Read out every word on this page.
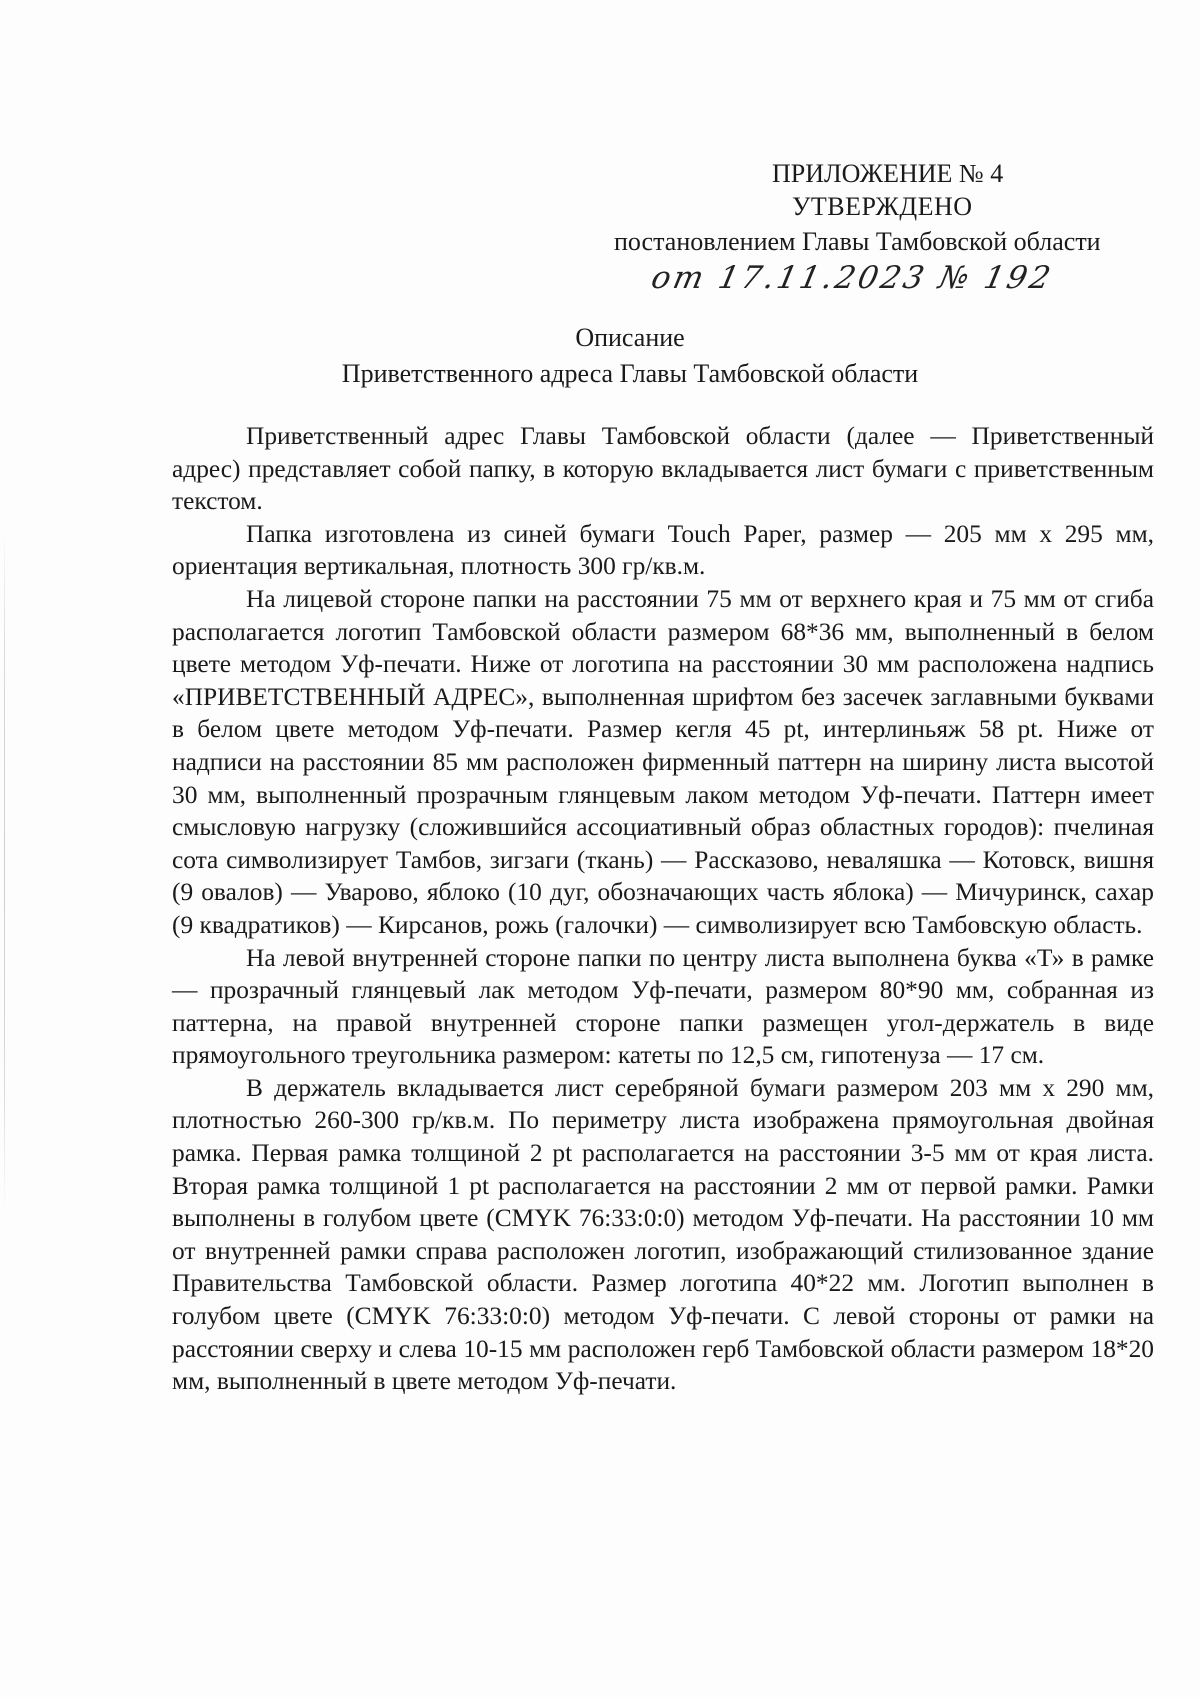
ПРИЛОЖЕНИЕ № 4
УТВЕРЖДЕНО
постановлением Главы Тамбовской области
от 17.11.2023 № 192
Описание
Приветственного адреса Главы Тамбовской области

Приветственный адрес Главы Тамбовской области (далее — Приветственный адрес) представляет собой папку, в которую вкладывается лист бумаги с приветственным текстом.

Папка изготовлена из синей бумаги Touch Paper, размер — 205 мм х 295 мм, ориентация вертикальная, плотность 300 гр/кв.м.

На лицевой стороне папки на расстоянии 75 мм от верхнего края и 75 мм от сгиба располагается логотип Тамбовской области размером 68*36 мм, выполненный в белом цвете методом Уф-печати. Ниже от логотипа на расстоянии 30 мм расположена надпись «ПРИВЕТСТВЕННЫЙ АДРЕС», выполненная шрифтом без засечек заглавными буквами в белом цвете методом Уф-печати. Размер кегля 45 pt, интерлиньяж 58 pt. Ниже от надписи на расстоянии 85 мм расположен фирменный паттерн на ширину листа высотой 30 мм, выполненный прозрачным глянцевым лаком методом Уф-печати. Паттерн имеет смысловую нагрузку (сложившийся ассоциативный образ областных городов): пчелиная сота символизирует Тамбов, зигзаги (ткань) — Рассказово, неваляшка — Котовск, вишня (9 овалов) — Уварово, яблоко (10 дуг, обозначающих часть яблока) — Мичуринск, сахар (9 квадратиков) — Кирсанов, рожь (галочки) — символизирует всю Тамбовскую область.

На левой внутренней стороне папки по центру листа выполнена буква «Т» в рамке — прозрачный глянцевый лак методом Уф-печати, размером 80*90 мм, собранная из паттерна, на правой внутренней стороне папки размещен угол-держатель в виде прямоугольного треугольника размером: катеты по 12,5 см, гипотенуза — 17 см.

В держатель вкладывается лист серебряной бумаги размером 203 мм х 290 мм, плотностью 260-300 гр/кв.м. По периметру листа изображена прямоугольная двойная рамка. Первая рамка толщиной 2 pt располагается на расстоянии 3-5 мм от края листа. Вторая рамка толщиной 1 pt располагается на расстоянии 2 мм от первой рамки. Рамки выполнены в голубом цвете (CMYK 76:33:0:0) методом Уф-печати. На расстоянии 10 мм от внутренней рамки справа расположен логотип, изображающий стилизованное здание Правительства Тамбовской области. Размер логотипа 40*22 мм. Логотип выполнен в голубом цвете (CMYK 76:33:0:0) методом Уф-печати. С левой стороны от рамки на расстоянии сверху и слева 10-15 мм расположен герб Тамбовской области размером 18*20 мм, выполненный в цвете методом Уф-печати.
